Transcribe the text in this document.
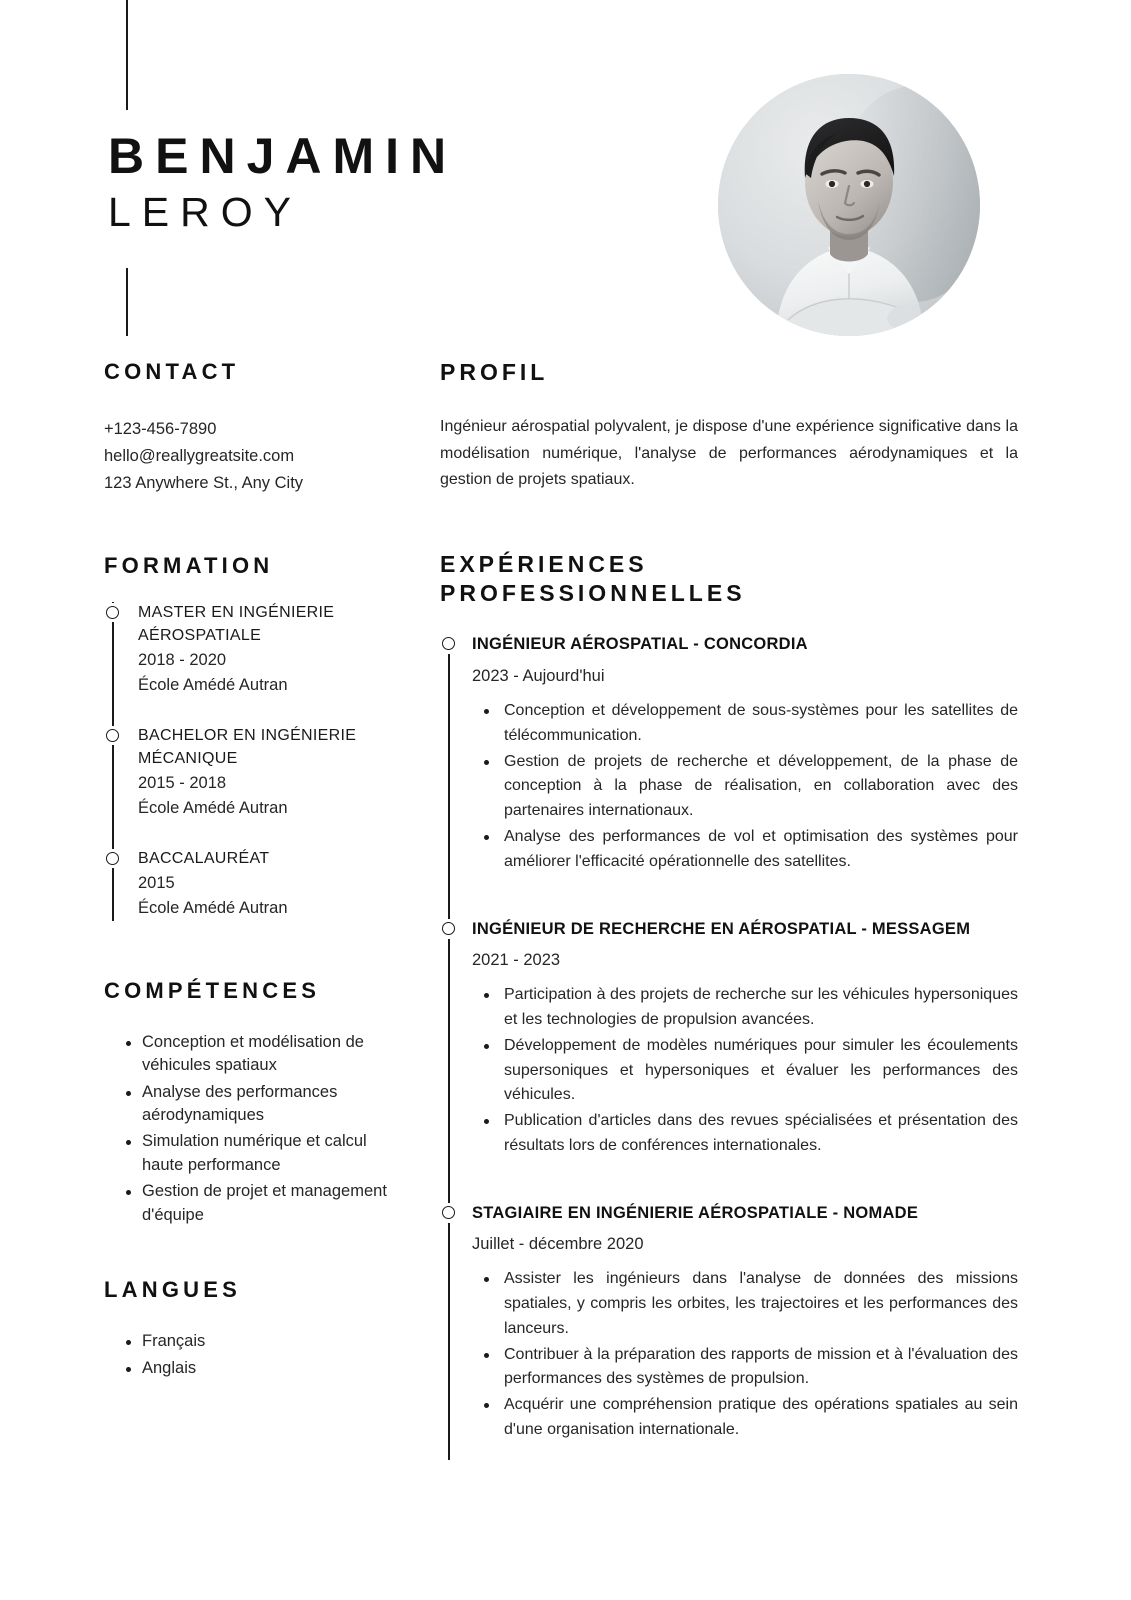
BENJAMIN
LEROY
CONTACT
+123-456-7890
hello@reallygreatsite.com
123 Anywhere St., Any City
FORMATION
MASTER EN INGÉNIERIE AÉROSPATIALE
2018 - 2020
École Amédé Autran
BACHELOR EN INGÉNIERIE MÉCANIQUE
2015 - 2018
École Amédé Autran
BACCALAURÉAT
2015
École Amédé Autran
COMPÉTENCES
Conception et modélisation de véhicules spatiaux
Analyse des performances aérodynamiques
Simulation numérique et calcul haute performance
Gestion de projet et management d'équipe
LANGUES
Français
Anglais
PROFIL

Ingénieur aérospatial polyvalent, je dispose d'une expérience significative dans la modélisation numérique, l'analyse de performances aérodynamiques et la gestion de projets spatiaux.

EXPÉRIENCES
PROFESSIONNELLES
INGÉNIEUR AÉROSPATIAL - CONCORDIA
2023 - Aujourd'hui
Conception et développement de sous-systèmes pour les satellites de télécommunication.
Gestion de projets de recherche et développement, de la phase de conception à la phase de réalisation, en collaboration avec des partenaires internationaux.
Analyse des performances de vol et optimisation des systèmes pour améliorer l'efficacité opérationnelle des satellites.
INGÉNIEUR DE RECHERCHE EN AÉROSPATIAL - MESSAGEM
2021 - 2023
Participation à des projets de recherche sur les véhicules hypersoniques et les technologies de propulsion avancées.
Développement de modèles numériques pour simuler les écoulements supersoniques et hypersoniques et évaluer les performances des véhicules.
Publication d'articles dans des revues spécialisées et présentation des résultats lors de conférences internationales.
STAGIAIRE EN INGÉNIERIE AÉROSPATIALE - NOMADE
Juillet - décembre 2020
Assister les ingénieurs dans l'analyse de données des missions spatiales, y compris les orbites, les trajectoires et les performances des lanceurs.
Contribuer à la préparation des rapports de mission et à l'évaluation des performances des systèmes de propulsion.
Acquérir une compréhension pratique des opérations spatiales au sein d'une organisation internationale.
